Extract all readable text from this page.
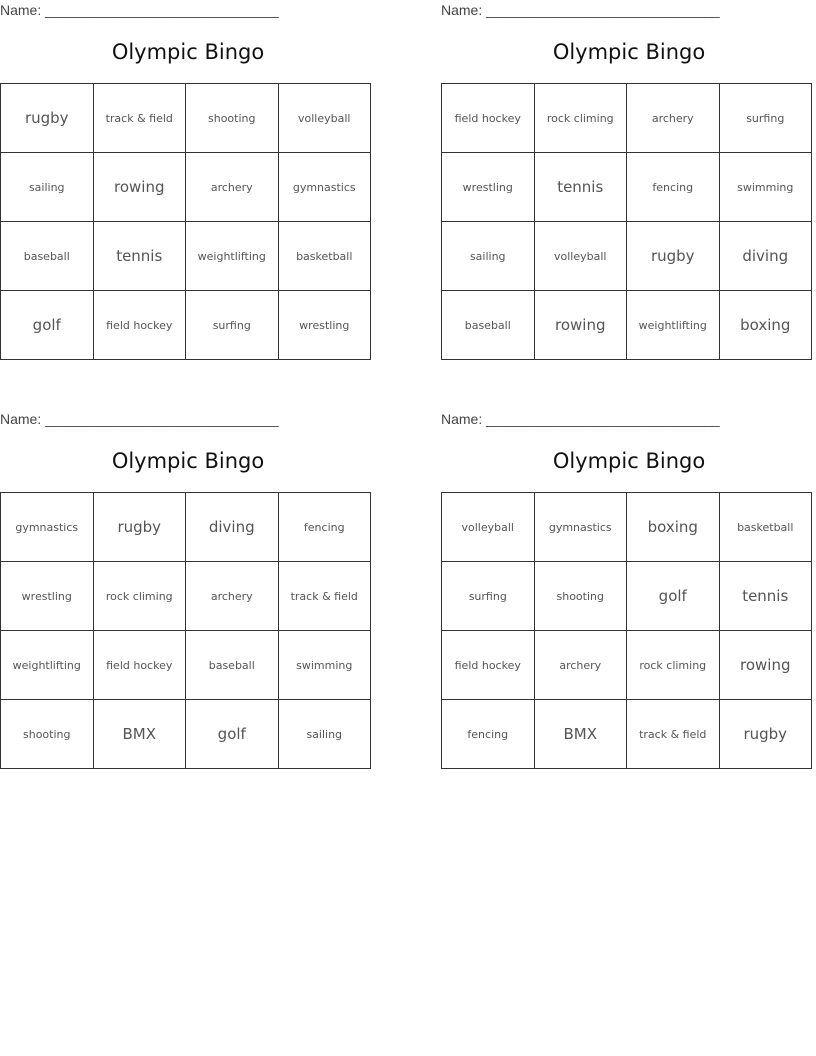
Name: ______________________________
Olympic Bingo
rugby	track & field	shooting	volleyball
sailing	rowing	archery	gymnastics
baseball	tennis	weightlifting	basketball
golf	field hockey	surfing	wrestling
Name: ______________________________
Olympic Bingo
field hockey	rock climing	archery	surfing
wrestling	tennis	fencing	swimming
sailing	volleyball	rugby	diving
baseball	rowing	weightlifting	boxing
Name: ______________________________
Olympic Bingo
gymnastics	rugby	diving	fencing
wrestling	rock climing	archery	track & field
weightlifting	field hockey	baseball	swimming
shooting	BMX	golf	sailing
Name: ______________________________
Olympic Bingo
volleyball	gymnastics	boxing	basketball
surfing	shooting	golf	tennis
field hockey	archery	rock climing	rowing
fencing	BMX	track & field	rugby
